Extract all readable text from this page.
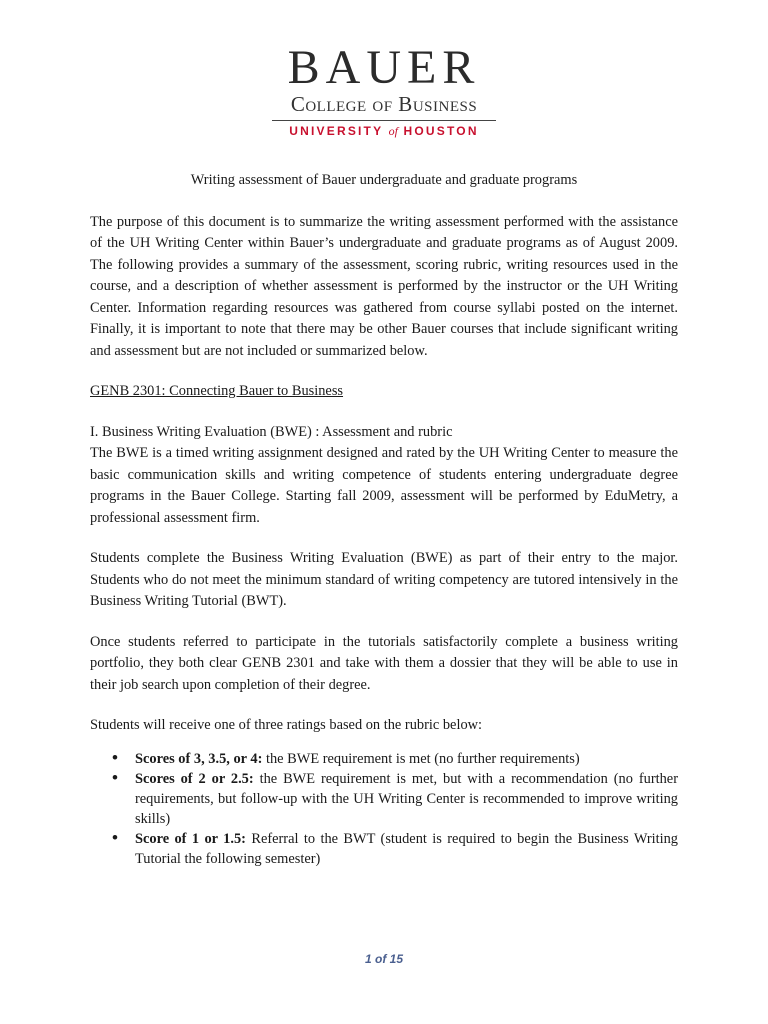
BAUER
College of Business
UNIVERSITY of HOUSTON

Writing assessment of Bauer undergraduate and graduate programs

The purpose of this document is to summarize the writing assessment performed with the assistance of the UH Writing Center within Bauer’s undergraduate and graduate programs as of August 2009. The following provides a summary of the assessment, scoring rubric, writing resources used in the course, and a description of whether assessment is performed by the instructor or the UH Writing Center. Information regarding resources was gathered from course syllabi posted on the internet. Finally, it is important to note that there may be other Bauer courses that include significant writing and assessment but are not included or summarized below.

GENB 2301: Connecting Bauer to Business

I. Business Writing Evaluation (BWE) : Assessment and rubric

The BWE is a timed writing assignment designed and rated by the UH Writing Center to measure the basic communication skills and writing competence of students entering undergraduate degree programs in the Bauer College. Starting fall 2009, assessment will be performed by EduMetry, a professional assessment firm.

Students complete the Business Writing Evaluation (BWE) as part of their entry to the major. Students who do not meet the minimum standard of writing competency are tutored intensively in the Business Writing Tutorial (BWT).

Once students referred to participate in the tutorials satisfactorily complete a business writing portfolio, they both clear GENB 2301 and take with them a dossier that they will be able to use in their job search upon completion of their degree.

Students will receive one of three ratings based on the rubric below:

• Scores of 3, 3.5, or 4: the BWE requirement is met (no further requirements)
• Scores of 2 or 2.5: the BWE requirement is met, but with a recommendation (no further requirements, but follow-up with the UH Writing Center is recommended to improve writing skills)
• Score of 1 or 1.5: Referral to the BWT (student is required to begin the Business Writing Tutorial the following semester)
1 of 15
